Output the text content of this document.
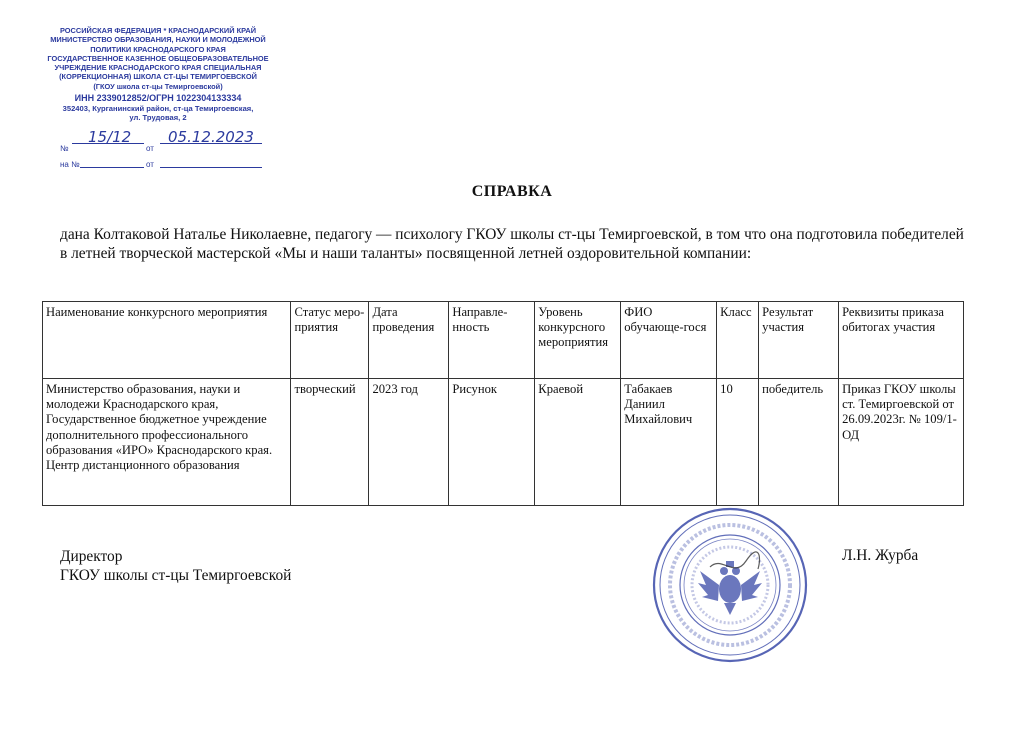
РОССИЙСКАЯ ФЕДЕРАЦИЯ * КРАСНОДАРСКИЙ КРАЙ
МИНИСТЕРСТВО ОБРАЗОВАНИЯ, НАУКИ И МОЛОДЕЖНОЙ
ПОЛИТИКИ КРАСНОДАРСКОГО КРАЯ
ГОСУДАРСТВЕННОЕ КАЗЕННОЕ ОБЩЕОБРАЗОВАТЕЛЬНОЕ
УЧРЕЖДЕНИЕ КРАСНОДАРСКОГО КРАЯ СПЕЦИАЛЬНАЯ
(КОРРЕКЦИОННАЯ) ШКОЛА СТ-ЦЫ ТЕМИРГОЕВСКОЙ
(ГКОУ школа ст-цы Темиргоевской)
ИНН 2339012852/ОГРН 1022304133334
352403, Курганинский район, ст-ца Темиргоевская,
ул. Трудовая, 2
№	от
15/12 05.12.2023
на №	от
СПРАВКА
дана Колтаковой Наталье Николаевне, педагогу — психологу ГКОУ школы ст-цы Темиргоевской, в том что она подготовила победителей в летней творческой мастерской «Мы и наши таланты» посвященной летней оздоровительной компании:
Наименование конкурсного мероприятия	Статус меро-приятия	Дата проведения	Направле-нность	Уровень конкурсного мероприятия	ФИО обучающе-гося	Класс	Результат участия	Реквизиты приказа обитогах участия
Министерство образования, науки и молодежи Краснодарского края, Государственное бюджетное учреждение дополнительного профессионального образования «ИРО» Краснодарского края. Центр дистанционного образования	творческий	2023 год	Рисунок	Краевой	Табакаев Даниил Михайлович	10	победитель	Приказ ГКОУ школы ст. Темиргоевской от 26.09.2023г. № 109/1- ОД
Директор
ГКОУ школы ст-цы Темиргоевской
Л.Н. Журба
